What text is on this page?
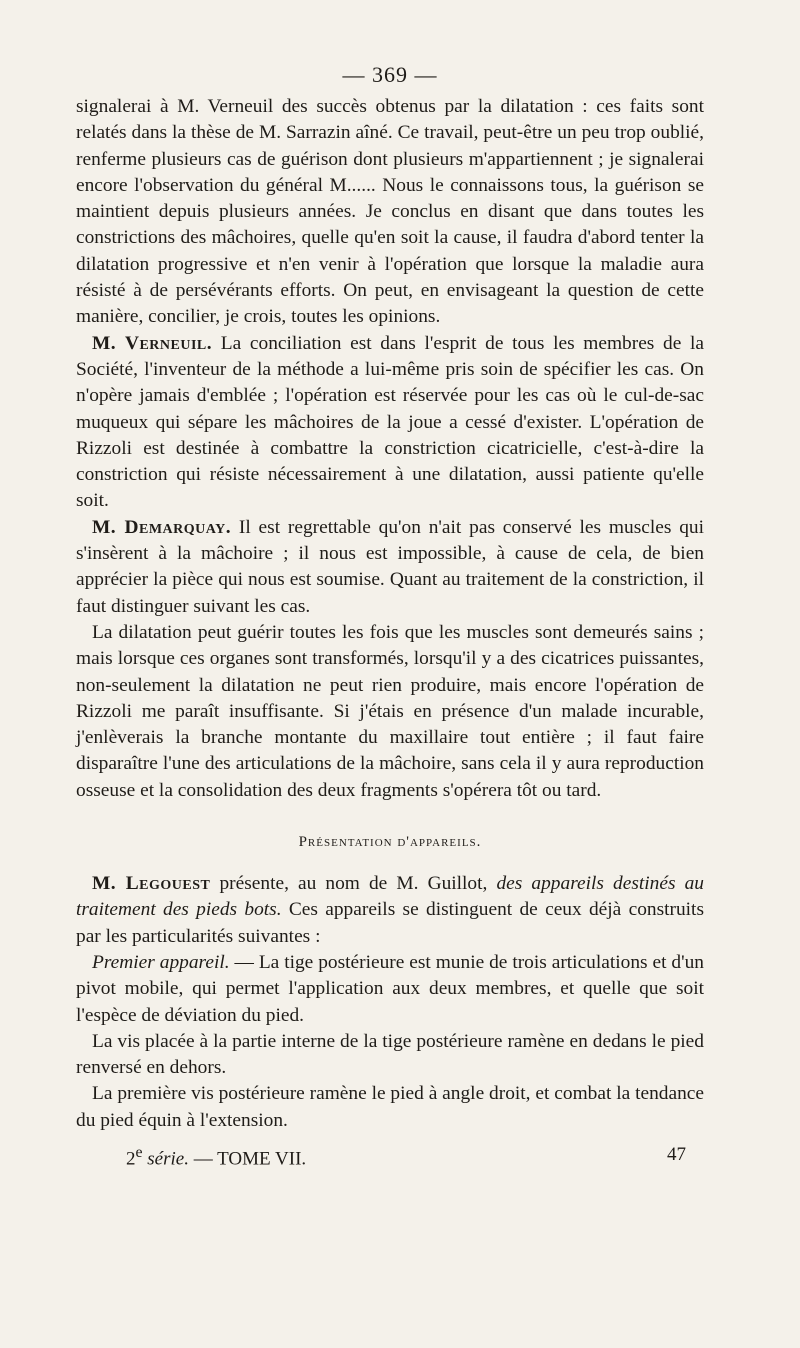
— 369 —

signalerai à M. Verneuil des succès obtenus par la dilatation : ces faits sont relatés dans la thèse de M. Sarrazin aîné. Ce travail, peut-être un peu trop oublié, renferme plusieurs cas de guérison dont plusieurs m'appartiennent ; je signalerai encore l'observation du général M...... Nous le connaissons tous, la guérison se maintient depuis plusieurs années. Je conclus en disant que dans toutes les constrictions des mâchoires, quelle qu'en soit la cause, il faudra d'abord tenter la dilatation progressive et n'en venir à l'opération que lorsque la maladie aura résisté à de persévérants efforts. On peut, en envisageant la question de cette manière, concilier, je crois, toutes les opinions.

M. Verneuil. La conciliation est dans l'esprit de tous les membres de la Société, l'inventeur de la méthode a lui-même pris soin de spécifier les cas. On n'opère jamais d'emblée ; l'opération est réservée pour les cas où le cul-de-sac muqueux qui sépare les mâchoires de la joue a cessé d'exister. L'opération de Rizzoli est destinée à combattre la constriction cicatricielle, c'est-à-dire la constriction qui résiste nécessairement à une dilatation, aussi patiente qu'elle soit.

M. Demarquay. Il est regrettable qu'on n'ait pas conservé les muscles qui s'insèrent à la mâchoire ; il nous est impossible, à cause de cela, de bien apprécier la pièce qui nous est soumise. Quant au traitement de la constriction, il faut distinguer suivant les cas.

La dilatation peut guérir toutes les fois que les muscles sont demeurés sains ; mais lorsque ces organes sont transformés, lorsqu'il y a des cicatrices puissantes, non-seulement la dilatation ne peut rien produire, mais encore l'opération de Rizzoli me paraît insuffisante. Si j'étais en présence d'un malade incurable, j'enlèverais la branche montante du maxillaire tout entière ; il faut faire disparaître l'une des articulations de la mâchoire, sans cela il y aura reproduction osseuse et la consolidation des deux fragments s'opérera tôt ou tard.

Présentation d'appareils.

M. Legouest présente, au nom de M. Guillot, des appareils destinés au traitement des pieds bots. Ces appareils se distinguent de ceux déjà construits par les particularités suivantes :

Premier appareil. — La tige postérieure est munie de trois articulations et d'un pivot mobile, qui permet l'application aux deux membres, et quelle que soit l'espèce de déviation du pied.

La vis placée à la partie interne de la tige postérieure ramène en dedans le pied renversé en dehors.

La première vis postérieure ramène le pied à angle droit, et combat la tendance du pied équin à l'extension.

2e série. — TOME VII.	47
